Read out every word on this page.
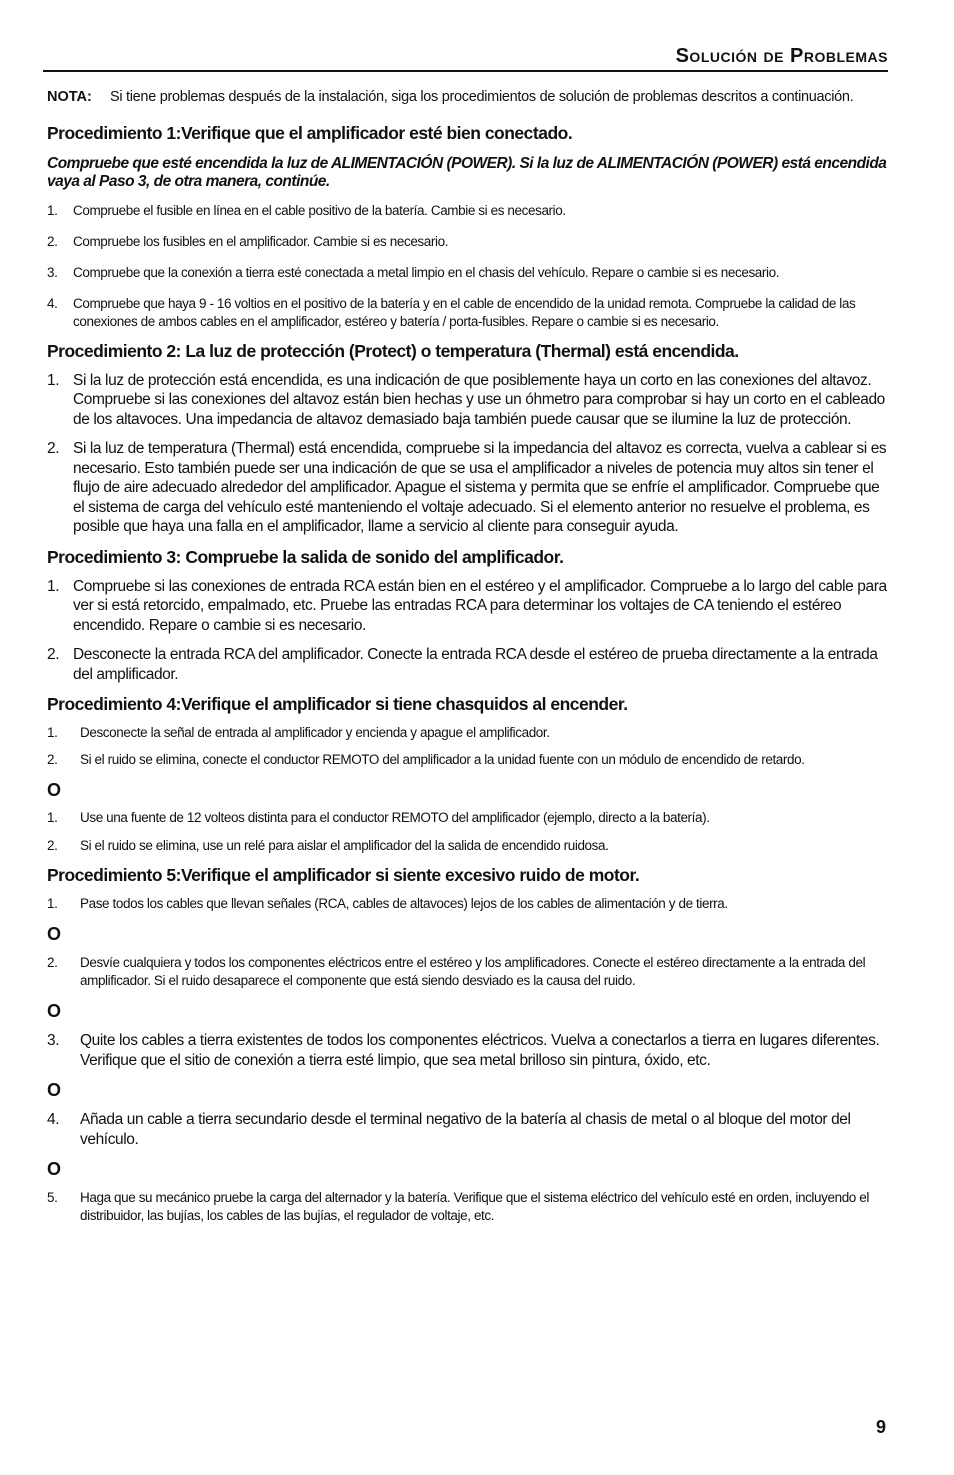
Solución de Problemas
NOTA: Si tiene problemas después de la instalación, siga los procedimientos de solución de problemas descritos a continuación.
Procedimiento 1:Verifique que el amplificador esté bien conectado.

Compruebe que esté encendida la luz de ALIMENTACIÓN (POWER). Si la luz de ALIMENTACIÓN (POWER) está encendida vaya al Paso 3, de otra manera, continúe.

1. Compruebe el fusible en línea en el cable positivo de la batería. Cambie si es necesario.
2. Compruebe los fusibles en el amplificador. Cambie si es necesario.
3. Compruebe que la conexión a tierra esté conectada a metal limpio en el chasis del vehículo. Repare o cambie si es necesario.
4. Compruebe que haya 9 - 16 voltios en el positivo de la batería y en el cable de encendido de la unidad remota. Compruebe la calidad de las conexiones de ambos cables en el amplificador, estéreo y batería / porta-fusibles. Repare o cambie si es necesario.
Procedimiento 2: La luz de protección (Protect) o temperatura (Thermal) está encendida.
1. Si la luz de protección está encendida, es una indicación de que posiblemente haya un corto en las conexiones del altavoz. Compruebe si las conexiones del altavoz están bien hechas y use un óhmetro para comprobar si hay un corto en el cableado de los altavoces. Una impedancia de altavoz demasiado baja también puede causar que se ilumine la luz de protección.
2. Si la luz de temperatura (Thermal) está encendida, compruebe si la impedancia del altavoz es correcta, vuelva a cablear si es necesario. Esto también puede ser una indicación de que se usa el amplificador a niveles de potencia muy altos sin tener el flujo de aire adecuado alrededor del amplificador. Apague el sistema y permita que se enfríe el amplificador. Compruebe que el sistema de carga del vehículo esté manteniendo el voltaje adecuado. Si el elemento anterior no resuelve el problema, es posible que haya una falla en el amplificador, llame a servicio al cliente para conseguir ayuda.
Procedimiento 3: Compruebe la salida de sonido del amplificador.
1. Compruebe si las conexiones de entrada RCA están bien en el estéreo y el amplificador. Compruebe a lo largo del cable para ver si está retorcido, empalmado, etc. Pruebe las entradas RCA para determinar los voltajes de CA teniendo el estéreo encendido. Repare o cambie si es necesario.
2. Desconecte la entrada RCA del amplificador. Conecte la entrada RCA desde el estéreo de prueba directamente a la entrada del amplificador.
Procedimiento 4:Verifique el amplificador si tiene chasquidos al encender.
1. Desconecte la señal de entrada al amplificador y encienda y apague el amplificador.
2. Si el ruido se elimina, conecte el conductor REMOTO del amplificador a la unidad fuente con un módulo de encendido de retardo.

O

1. Use una fuente de 12 volteos distinta para el conductor REMOTO del amplificador (ejemplo, directo a la batería).
2. Si el ruido se elimina, use un relé para aislar el amplificador del la salida de encendido ruidosa.
Procedimiento 5:Verifique el amplificador si siente excesivo ruido de motor.
1. Pase todos los cables que llevan señales (RCA, cables de altavoces) lejos de los cables de alimentación y de tierra.

O

2. Desvíe cualquiera y todos los componentes eléctricos entre el estéreo y los amplificadores. Conecte el estéreo directamente a la entrada del amplificador. Si el ruido desaparece el componente que está siendo desviado es la causa del ruido.

O

3. Quite los cables a tierra existentes de todos los componentes eléctricos. Vuelva a conectarlos a tierra en lugares diferentes. Verifique que el sitio de conexión a tierra esté limpio, que sea metal brilloso sin pintura, óxido, etc.

O

4. Añada un cable a tierra secundario desde el terminal negativo de la batería al chasis de metal o al bloque del motor del vehículo.

O

5. Haga que su mecánico pruebe la carga del alternador y la batería. Verifique que el sistema eléctrico del vehículo esté en orden, incluyendo el distribuidor, las bujías, los cables de las bujías, el regulador de voltaje, etc.
9
